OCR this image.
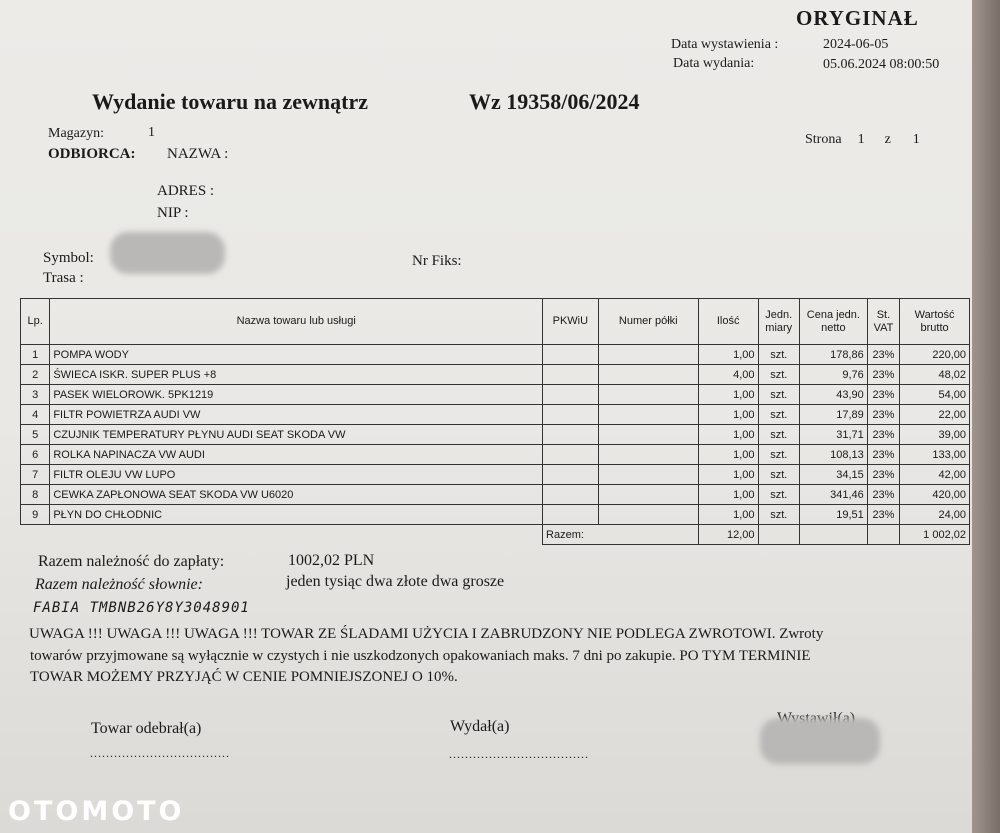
ORYGINAŁ
Data wystawienia :	2024-06-05
Data wydania:	05.06.2024 08:00:50
Wydanie towaru na zewnątrz	Wz 19358/06/2024
Magazyn:	1
ODBIORCA: NAZWA :
Strona 1 z 1
ADRES :
NIP :
Symbol:
Trasa :
Nr Fiks:
Lp.	Nazwa towaru lub usługi	PKWiU	Numer półki	Ilość	Jedn. miary	Cena jedn. netto	St. VAT	Wartość brutto
1	POMPA WODY			1,00	szt.	178,86	23%	220,00
2	ŚWIECA ISKR. SUPER PLUS +8			4,00	szt.	9,76	23%	48,02
3	PASEK WIELOROWK. 5PK1219			1,00	szt.	43,90	23%	54,00
4	FILTR POWIETRZA AUDI VW			1,00	szt.	17,89	23%	22,00
5	CZUJNIK TEMPERATURY PŁYNU AUDI SEAT SKODA VW			1,00	szt.	31,71	23%	39,00
6	ROLKA NAPINACZA VW AUDI			1,00	szt.	108,13	23%	133,00
7	FILTR OLEJU VW LUPO			1,00	szt.	34,15	23%	42,00
8	CEWKA ZAPŁONOWA SEAT SKODA VW U6020			1,00	szt.	341,46	23%	420,00
9	PŁYN DO CHŁODNIC			1,00	szt.	19,51	23%	24,00
		Razem:		12,00				1 002,02
Razem należność do zapłaty:	1002,02 PLN
Razem należność słownie:	jeden tysiąc dwa złote dwa grosze
FABIA TMBNB26Y8Y3048901
UWAGA !!! UWAGA !!! UWAGA !!! TOWAR ZE ŚLADAMI UŻYCIA I ZABRUDZONY NIE PODLEGA ZWROTOWI. Zwroty
towarów przyjmowane są wyłącznie w czystych i nie uszkodzonych opakowaniach maks. 7 dni po zakupie. PO TYM TERMINIE
TOWAR MOŻEMY PRZYJĄĆ W CENIE POMNIEJSZONEJ O 10%.
Towar odebrał(a)
...................................
Wydał(a)
...................................
OTOMOTO
